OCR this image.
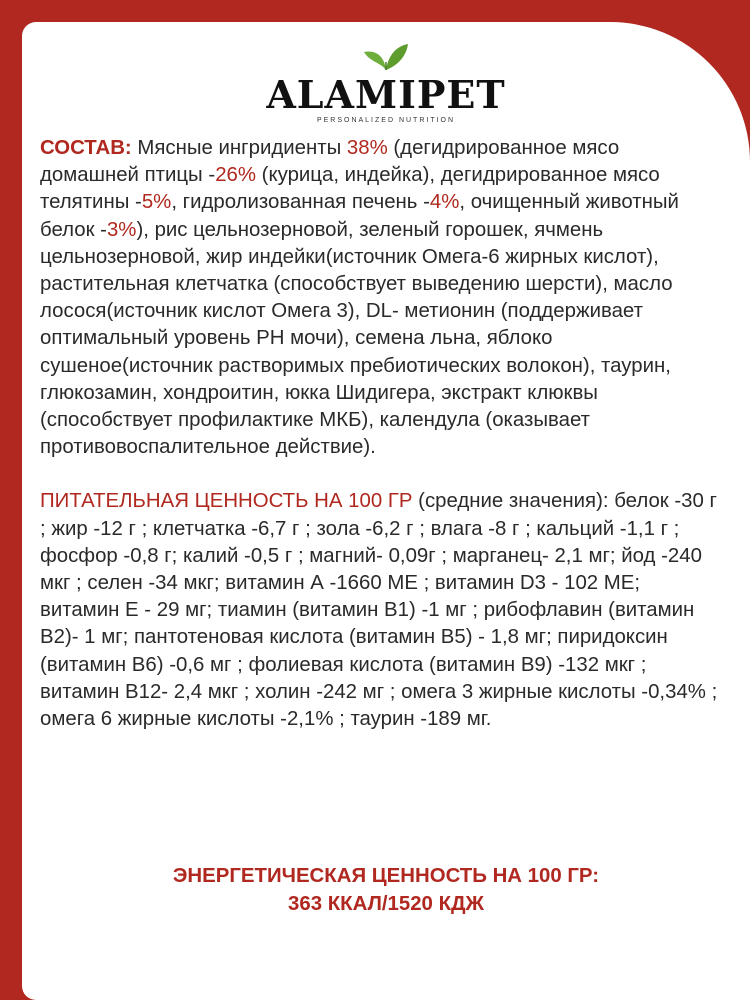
ALAMIPET
PERSONALIZED NUTRITION

СОСТАВ: Мясные ингридиенты 38% (дегидрированное мясо домашней птицы -26% (курица, индейка), дегидрированное мясо телятины -5%, гидролизованная печень -4%, очищенный животный белок -3%), рис цельнозерновой, зеленый горошек, ячмень цельнозерновой, жир индейки(источник Омега-6 жирных кислот), растительная клетчатка (способствует выведению шерсти), масло лосося(источник кислот Омега 3), DL- метионин (поддерживает оптимальный уровень PH мочи), семена льна, яблоко сушеное(источник растворимых пребиотических волокон), таурин, глюкозамин, хондроитин, юкка Шидигера, экстракт клюквы (способствует профилактике МКБ), календула (оказывает противовоспалительное действие).

ПИТАТЕЛЬНАЯ ЦЕННОСТЬ НА 100 ГР (средние значения): белок -30 г ; жир -12 г ; клетчатка -6,7 г ; зола -6,2 г ; влага -8 г ; кальций -1,1 г ; фосфор -0,8 г; калий -0,5 г ; магний- 0,09г ; марганец- 2,1 мг; йод -240 мкг ; селен -34 мкг; витамин А -1660 МЕ ; витамин D3 - 102 МЕ; витамин Е - 29 мг; тиамин (витамин В1) -1 мг ; рибофлавин (витамин В2)- 1 мг; пантотеновая кислота (витамин В5) - 1,8 мг; пиридоксин (витамин В6) -0,6 мг ; фолиевая кислота (витамин В9) -132 мкг ; витамин В12- 2,4 мкг ; холин -242 мг ; омега 3 жирные кислоты -0,34% ; омега 6 жирные кислоты -2,1% ; таурин -189 мг.

ЭНЕРГЕТИЧЕСКАЯ ЦЕННОСТЬ НА 100 ГР:
363 ККАЛ/1520 КДЖ
